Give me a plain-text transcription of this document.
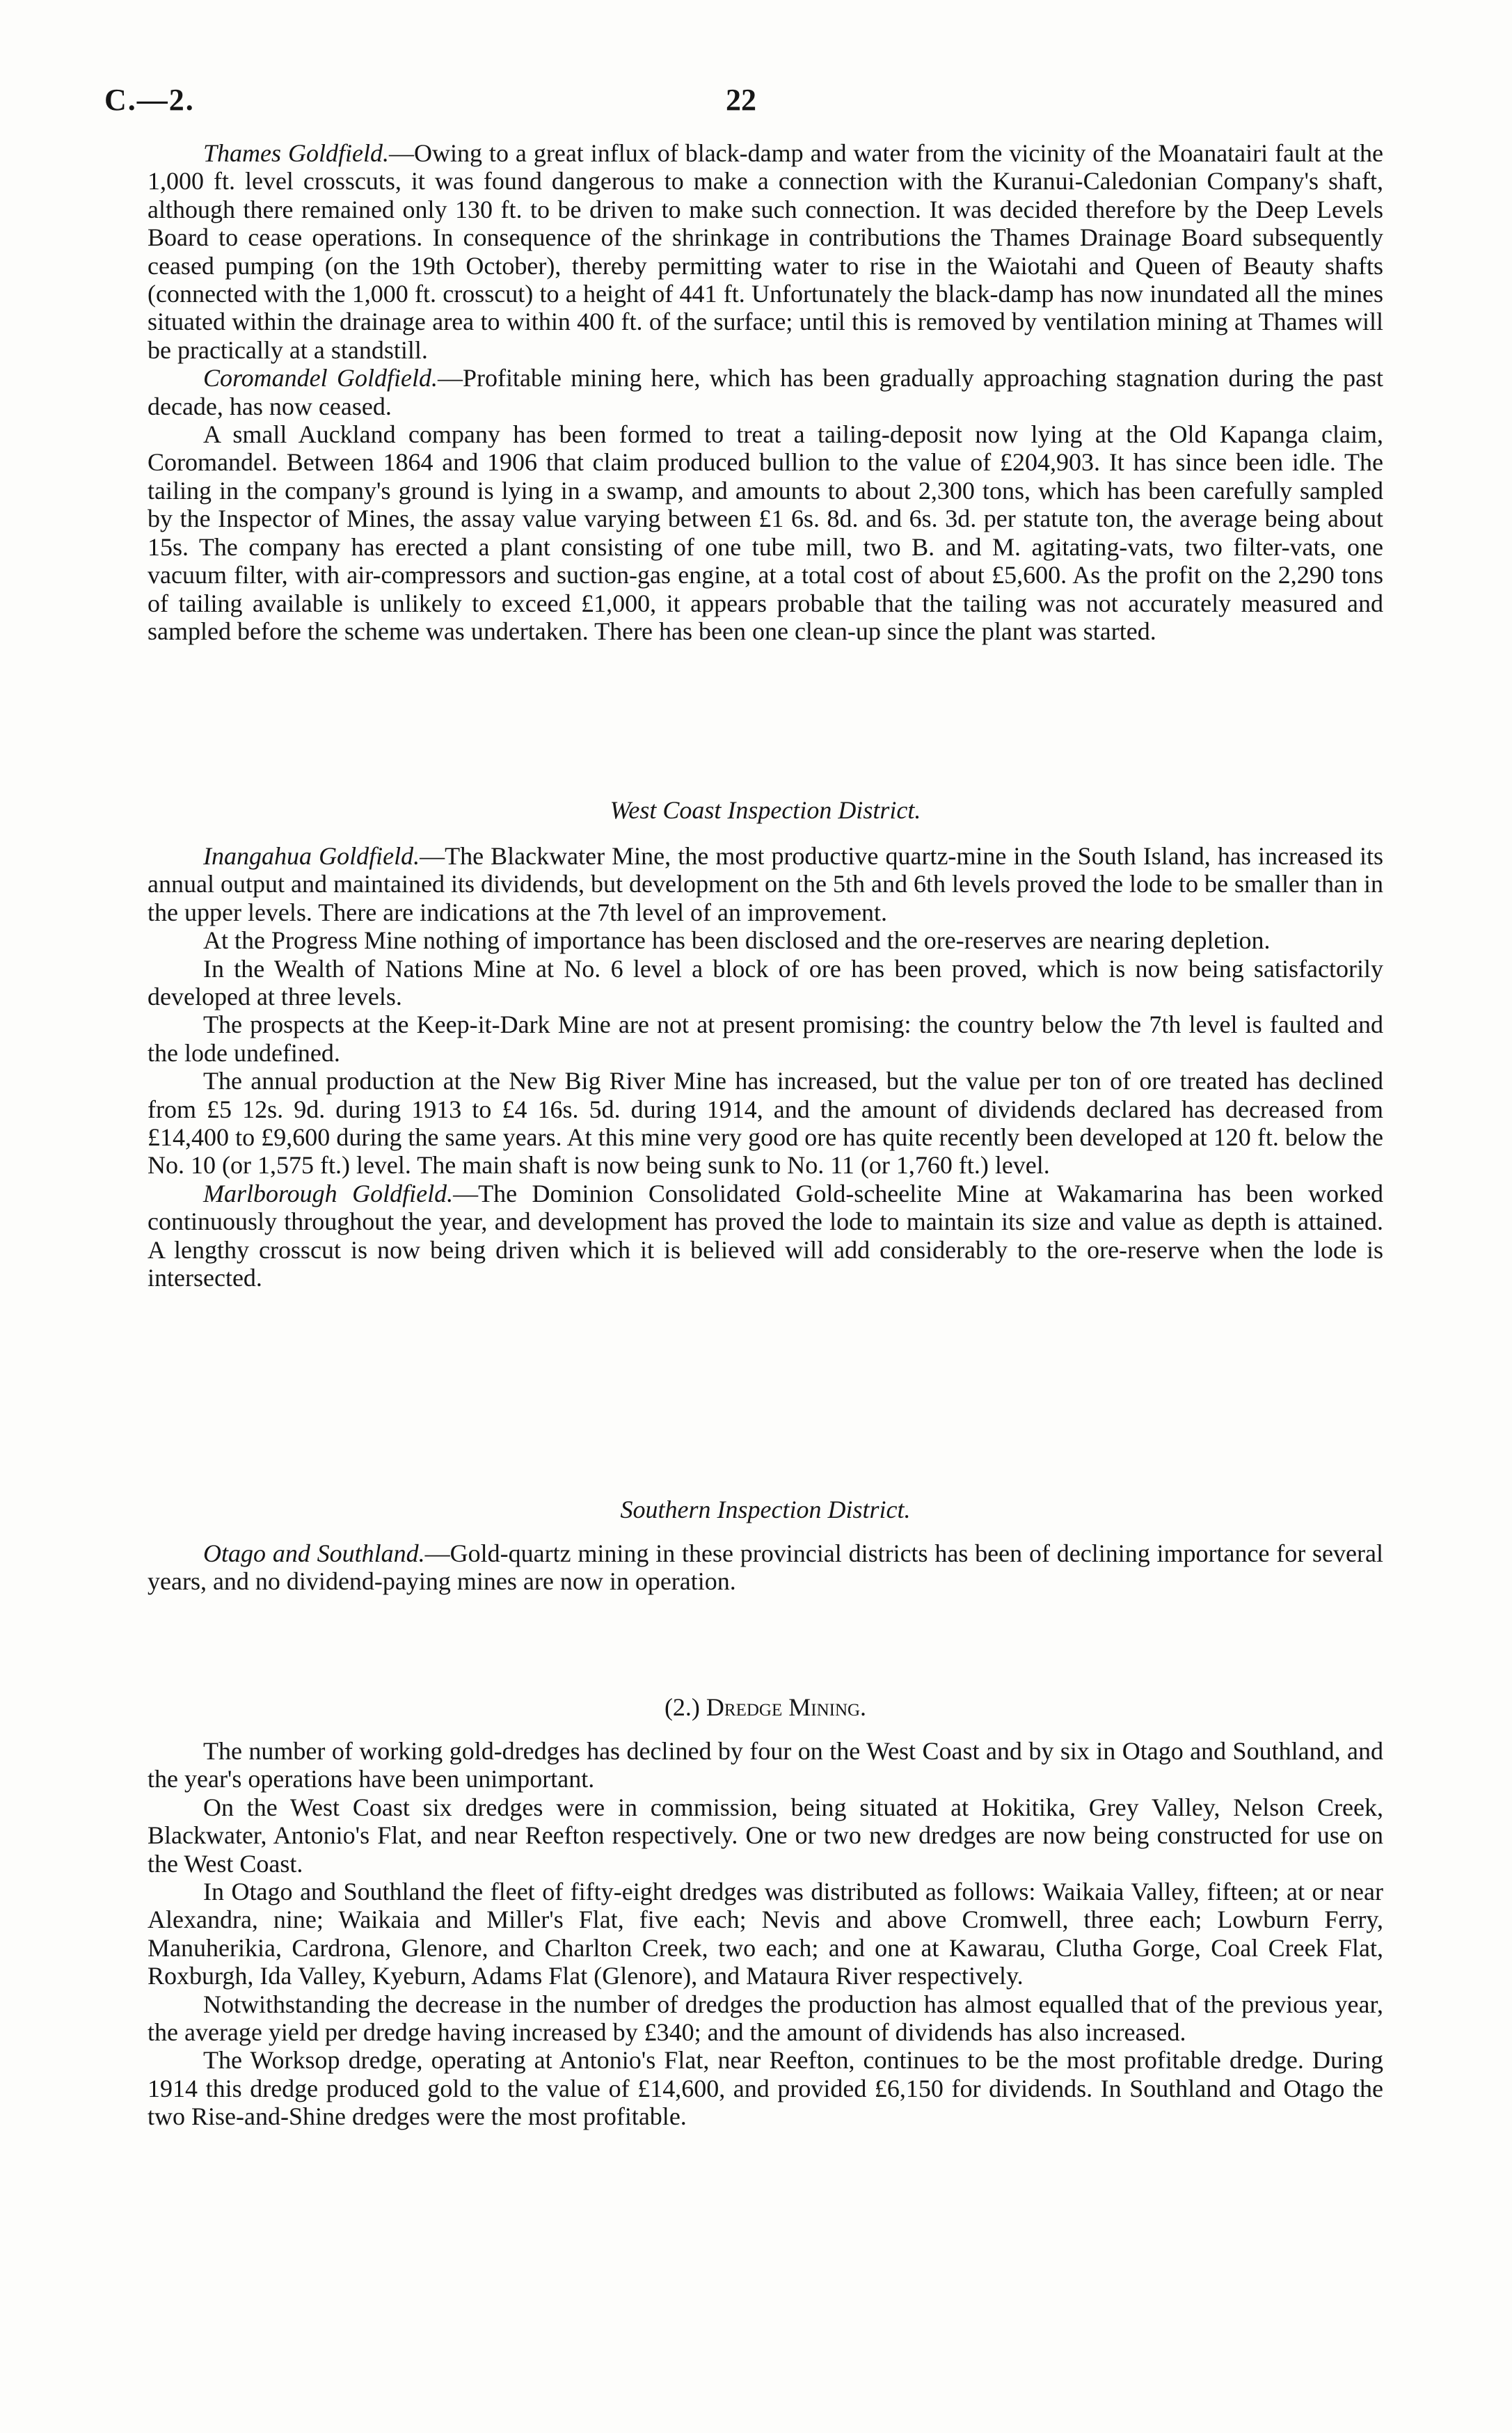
C.—2.	22

Thames Goldfield.—Owing to a great influx of black-damp and water from the vicinity of the Moanatairi fault at the 1,000 ft. level crosscuts, it was found dangerous to make a connection with the Kuranui-Caledonian Company's shaft, although there remained only 130 ft. to be driven to make such connection. It was decided therefore by the Deep Levels Board to cease operations. In consequence of the shrinkage in contributions the Thames Drainage Board subsequently ceased pumping (on the 19th October), thereby permitting water to rise in the Waiotahi and Queen of Beauty shafts (connected with the 1,000 ft. crosscut) to a height of 441 ft. Unfortunately the black-damp has now inundated all the mines situated within the drainage area to within 400 ft. of the surface; until this is removed by ventilation mining at Thames will be practically at a standstill.

Coromandel Goldfield.—Profitable mining here, which has been gradually approaching stagnation during the past decade, has now ceased.

A small Auckland company has been formed to treat a tailing-deposit now lying at the Old Kapanga claim, Coromandel. Between 1864 and 1906 that claim produced bullion to the value of £204,903. It has since been idle. The tailing in the company's ground is lying in a swamp, and amounts to about 2,300 tons, which has been carefully sampled by the Inspector of Mines, the assay value varying between £1 6s. 8d. and 6s. 3d. per statute ton, the average being about 15s. The company has erected a plant consisting of one tube mill, two B. and M. agitating-vats, two filter-vats, one vacuum filter, with air-compressors and suction-gas engine, at a total cost of about £5,600. As the profit on the 2,290 tons of tailing available is unlikely to exceed £1,000, it appears probable that the tailing was not accurately measured and sampled before the scheme was undertaken. There has been one clean-up since the plant was started.

West Coast Inspection District.

Inangahua Goldfield.—The Blackwater Mine, the most productive quartz-mine in the South Island, has increased its annual output and maintained its dividends, but development on the 5th and 6th levels proved the lode to be smaller than in the upper levels. There are indications at the 7th level of an improvement.

At the Progress Mine nothing of importance has been disclosed and the ore-reserves are nearing depletion.

In the Wealth of Nations Mine at No. 6 level a block of ore has been proved, which is now being satisfactorily developed at three levels.

The prospects at the Keep-it-Dark Mine are not at present promising: the country below the 7th level is faulted and the lode undefined.

The annual production at the New Big River Mine has increased, but the value per ton of ore treated has declined from £5 12s. 9d. during 1913 to £4 16s. 5d. during 1914, and the amount of dividends declared has decreased from £14,400 to £9,600 during the same years. At this mine very good ore has quite recently been developed at 120 ft. below the No. 10 (or 1,575 ft.) level. The main shaft is now being sunk to No. 11 (or 1,760 ft.) level.

Marlborough Goldfield.—The Dominion Consolidated Gold-scheelite Mine at Wakamarina has been worked continuously throughout the year, and development has proved the lode to maintain its size and value as depth is attained. A lengthy crosscut is now being driven which it is believed will add considerably to the ore-reserve when the lode is intersected.

Southern Inspection District.

Otago and Southland.—Gold-quartz mining in these provincial districts has been of declining importance for several years, and no dividend-paying mines are now in operation.

(2.) Dredge Mining.

The number of working gold-dredges has declined by four on the West Coast and by six in Otago and Southland, and the year's operations have been unimportant.

On the West Coast six dredges were in commission, being situated at Hokitika, Grey Valley, Nelson Creek, Blackwater, Antonio's Flat, and near Reefton respectively. One or two new dredges are now being constructed for use on the West Coast.

In Otago and Southland the fleet of fifty-eight dredges was distributed as follows: Waikaia Valley, fifteen; at or near Alexandra, nine; Waikaia and Miller's Flat, five each; Nevis and above Cromwell, three each; Lowburn Ferry, Manuherikia, Cardrona, Glenore, and Charlton Creek, two each; and one at Kawarau, Clutha Gorge, Coal Creek Flat, Roxburgh, Ida Valley, Kyeburn, Adams Flat (Glenore), and Mataura River respectively.

Notwithstanding the decrease in the number of dredges the production has almost equalled that of the previous year, the average yield per dredge having increased by £340; and the amount of dividends has also increased.

The Worksop dredge, operating at Antonio's Flat, near Reefton, continues to be the most profitable dredge. During 1914 this dredge produced gold to the value of £14,600, and provided £6,150 for dividends. In Southland and Otago the two Rise-and-Shine dredges were the most profitable.
